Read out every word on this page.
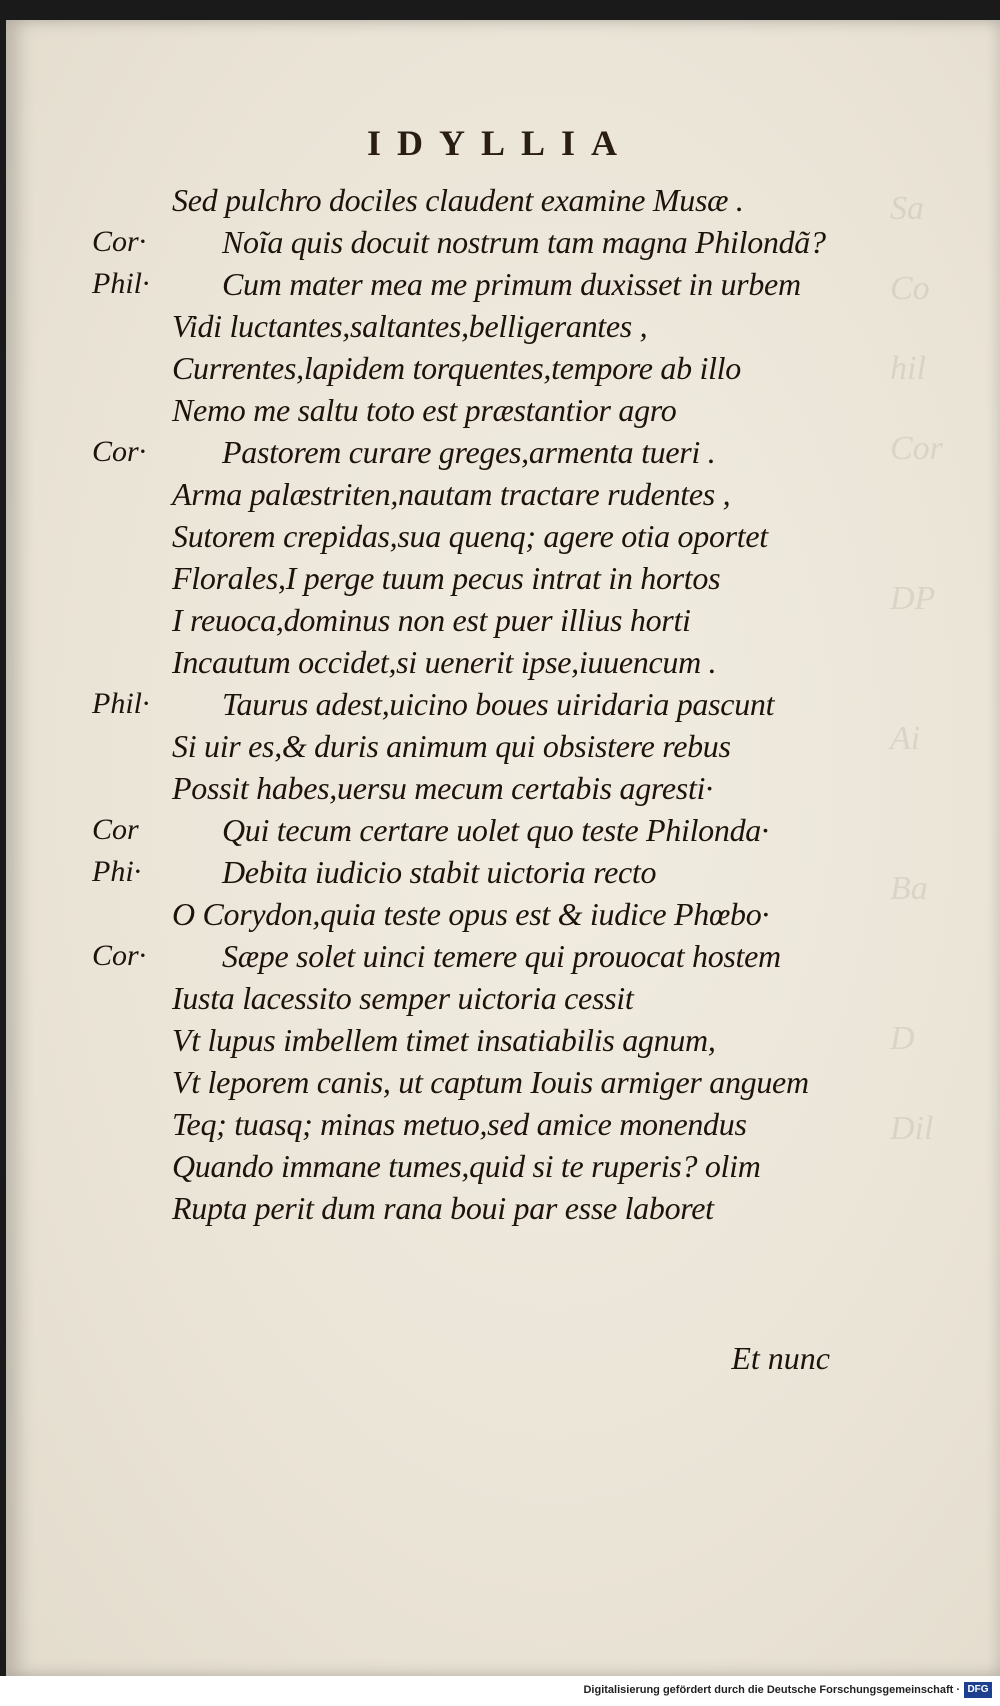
Sa
Co
hil
Cor
DP
Ai
Ba
D
Dil
IDYLLIA
Sed pulchro dociles claudent examine Musæ .
Cor· Noĩa quis docuit nostrum tam magna Philondã?
Phil· Cum mater mea me primum duxisset in urbem
Vidi luctantes,saltantes,belligerantes ,
Currentes,lapidem torquentes,tempore ab illo
Nemo me saltu toto est præstantior agro
Cor· Pastorem curare greges,armenta tueri .
Arma palæstriten,nautam tractare rudentes ,
Sutorem crepidas,sua quenq; agere otia oportet
Florales,I perge tuum pecus intrat in hortos
I reuoca,dominus non est puer illius horti
Incautum occidet,si uenerit ipse,iuuencum .
Phil· Taurus adest,uicino boues uiridaria pascunt
Si uir es,& duris animum qui obsistere rebus
Possit habes,uersu mecum certabis agresti·
Cor	Qui tecum certare uolet quo teste Philonda·
Phi·	Debita iudicio stabit uictoria recto
O Corydon,quia teste opus est & iudice Phœbo·
Cor· Sæpe solet uinci temere qui prouocat hostem
Iusta lacessito semper uictoria cessit
Vt lupus imbellem timet insatiabilis agnum,
Vt leporem canis, ut captum Iouis armiger anguem
Teq; tuasq; minas metuo,sed amice monendus
Quando immane tumes,quid si te ruperis? olim
Rupta perit dum rana boui par esse laboret
Et nunc
Digitalisierung gefördert durch die Deutsche Forschungsgemeinschaft · DFG
